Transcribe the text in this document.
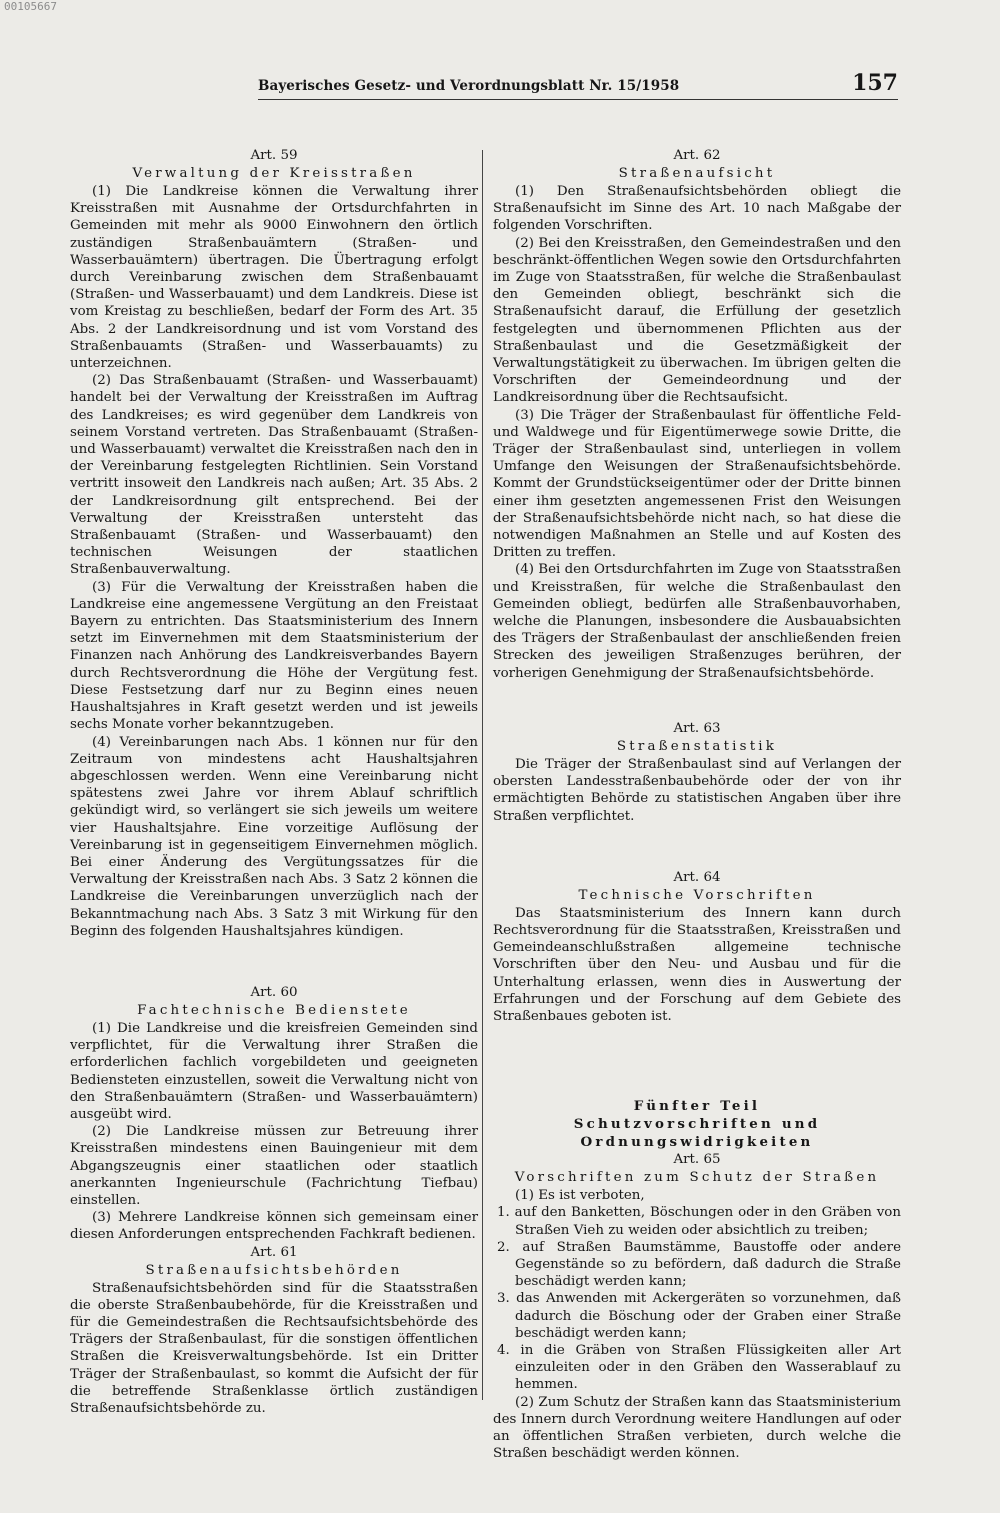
00105667
Bayerisches Gesetz- und Verordnungsblatt Nr. 15/1958	157

Art. 59

Verwaltung der Kreisstraßen

(1) Die Landkreise können die Verwaltung ihrer Kreisstraßen mit Ausnahme der Ortsdurchfahrten in Gemeinden mit mehr als 9000 Einwohnern den örtlich zuständigen Straßenbauämtern (Straßen- und Wasserbauämtern) übertragen. Die Übertragung erfolgt durch Vereinbarung zwischen dem Straßenbauamt (Straßen- und Wasserbauamt) und dem Landkreis. Diese ist vom Kreistag zu beschließen, bedarf der Form des Art. 35 Abs. 2 der Landkreisordnung und ist vom Vorstand des Straßenbauamts (Straßen- und Wasserbauamts) zu unterzeichnen.

(2) Das Straßenbauamt (Straßen- und Wasserbauamt) handelt bei der Verwaltung der Kreisstraßen im Auftrag des Landkreises; es wird gegenüber dem Landkreis von seinem Vorstand vertreten. Das Straßenbauamt (Straßen- und Wasserbauamt) verwaltet die Kreisstraßen nach den in der Vereinbarung festgelegten Richtlinien. Sein Vorstand vertritt insoweit den Landkreis nach außen; Art. 35 Abs. 2 der Landkreisordnung gilt entsprechend. Bei der Verwaltung der Kreisstraßen untersteht das Straßenbauamt (Straßen- und Wasserbauamt) den technischen Weisungen der staatlichen Straßenbauverwaltung.

(3) Für die Verwaltung der Kreisstraßen haben die Landkreise eine angemessene Vergütung an den Freistaat Bayern zu entrichten. Das Staatsministerium des Innern setzt im Einvernehmen mit dem Staatsministerium der Finanzen nach Anhörung des Landkreisverbandes Bayern durch Rechtsverordnung die Höhe der Vergütung fest. Diese Festsetzung darf nur zu Beginn eines neuen Haushaltsjahres in Kraft gesetzt werden und ist jeweils sechs Monate vorher bekanntzugeben.

(4) Vereinbarungen nach Abs. 1 können nur für den Zeitraum von mindestens acht Haushaltsjahren abgeschlossen werden. Wenn eine Vereinbarung nicht spätestens zwei Jahre vor ihrem Ablauf schriftlich gekündigt wird, so verlängert sie sich jeweils um weitere vier Haushaltsjahre. Eine vorzeitige Auflösung der Vereinbarung ist in gegenseitigem Einvernehmen möglich. Bei einer Änderung des Vergütungssatzes für die Verwaltung der Kreisstraßen nach Abs. 3 Satz 2 können die Landkreise die Vereinbarungen unverzüglich nach der Bekanntmachung nach Abs. 3 Satz 3 mit Wirkung für den Beginn des folgenden Haushaltsjahres kündigen.

Art. 60

Fachtechnische Bedienstete

(1) Die Landkreise und die kreisfreien Gemeinden sind verpflichtet, für die Verwaltung ihrer Straßen die erforderlichen fachlich vorgebildeten und geeigneten Bediensteten einzustellen, soweit die Verwaltung nicht von den Straßenbauämtern (Straßen- und Wasserbauämtern) ausgeübt wird.

(2) Die Landkreise müssen zur Betreuung ihrer Kreisstraßen mindestens einen Bauingenieur mit dem Abgangszeugnis einer staatlichen oder staatlich anerkannten Ingenieurschule (Fachrichtung Tiefbau) einstellen.

(3) Mehrere Landkreise können sich gemeinsam einer diesen Anforderungen entsprechenden Fachkraft bedienen.

Art. 61

Straßenaufsichtsbehörden

Straßenaufsichtsbehörden sind für die Staatsstraßen die oberste Straßenbaubehörde, für die Kreisstraßen und für die Gemeindestraßen die Rechtsaufsichtsbehörde des Trägers der Straßenbaulast, für die sonstigen öffentlichen Straßen die Kreisverwaltungsbehörde. Ist ein Dritter Träger der Straßenbaulast, so kommt die Aufsicht der für die betreffende Straßenklasse örtlich zuständigen Straßenaufsichtsbehörde zu.

Art. 62

Straßenaufsicht

(1) Den Straßenaufsichtsbehörden obliegt die Straßenaufsicht im Sinne des Art. 10 nach Maßgabe der folgenden Vorschriften.

(2) Bei den Kreisstraßen, den Gemeindestraßen und den beschränkt-öffentlichen Wegen sowie den Ortsdurchfahrten im Zuge von Staatsstraßen, für welche die Straßenbaulast den Gemeinden obliegt, beschränkt sich die Straßenaufsicht darauf, die Erfüllung der gesetzlich festgelegten und übernommenen Pflichten aus der Straßenbaulast und die Gesetzmäßigkeit der Verwaltungstätigkeit zu überwachen. Im übrigen gelten die Vorschriften der Gemeindeordnung und der Landkreisordnung über die Rechtsaufsicht.

(3) Die Träger der Straßenbaulast für öffentliche Feld- und Waldwege und für Eigentümerwege sowie Dritte, die Träger der Straßenbaulast sind, unterliegen in vollem Umfange den Weisungen der Straßenaufsichtsbehörde. Kommt der Grundstückseigentümer oder der Dritte binnen einer ihm gesetzten angemessenen Frist den Weisungen der Straßenaufsichtsbehörde nicht nach, so hat diese die notwendigen Maßnahmen an Stelle und auf Kosten des Dritten zu treffen.

(4) Bei den Ortsdurchfahrten im Zuge von Staatsstraßen und Kreisstraßen, für welche die Straßenbaulast den Gemeinden obliegt, bedürfen alle Straßenbauvorhaben, welche die Planungen, insbesondere die Ausbauabsichten des Trägers der Straßenbaulast der anschließenden freien Strecken des jeweiligen Straßenzuges berühren, der vorherigen Genehmigung der Straßenaufsichtsbehörde.

Art. 63

Straßenstatistik

Die Träger der Straßenbaulast sind auf Verlangen der obersten Landesstraßenbaubehörde oder der von ihr ermächtigten Behörde zu statistischen Angaben über ihre Straßen verpflichtet.

Art. 64

Technische Vorschriften

Das Staatsministerium des Innern kann durch Rechtsverordnung für die Staatsstraßen, Kreisstraßen und Gemeindeanschlußstraßen allgemeine technische Vorschriften über den Neu- und Ausbau und für die Unterhaltung erlassen, wenn dies in Auswertung der Erfahrungen und der Forschung auf dem Gebiete des Straßenbaues geboten ist.

Fünfter Teil

Schutzvorschriften und Ordnungswidrigkeiten

Art. 65

Vorschriften zum Schutz der Straßen

(1) Es ist verboten,

1. auf den Banketten, Böschungen oder in den Gräben von Straßen Vieh zu weiden oder absichtlich zu treiben;

2. auf Straßen Baumstämme, Baustoffe oder andere Gegenstände so zu befördern, daß dadurch die Straße beschädigt werden kann;

3. das Anwenden mit Ackergeräten so vorzunehmen, daß dadurch die Böschung oder der Graben einer Straße beschädigt werden kann;

4. in die Gräben von Straßen Flüssigkeiten aller Art einzuleiten oder in den Gräben den Wasserablauf zu hemmen.

(2) Zum Schutz der Straßen kann das Staatsministerium des Innern durch Verordnung weitere Handlungen auf oder an öffentlichen Straßen verbieten, durch welche die Straßen beschädigt werden können.
